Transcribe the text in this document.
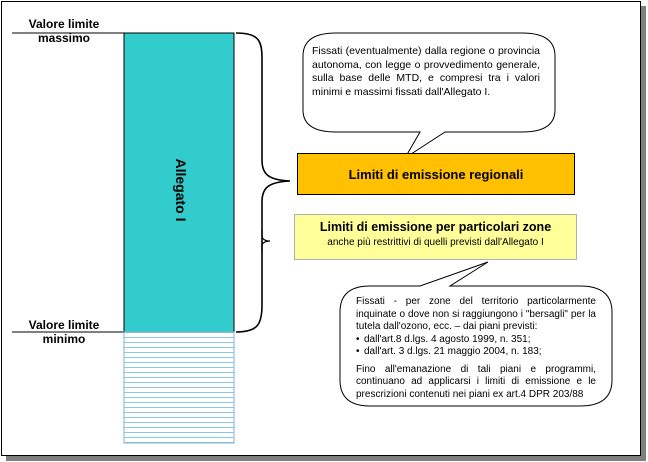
Valore limite massimo
Valore limite minimo
Allegato I	Limiti di emissione regionali
Limiti di emissione per particolari zone
anche più restrittivi di quelli previsti dall'Allegato I
Fissati (eventualmente) dalla regione o provincia autonoma, con legge o provvedimento generale, sulla base delle MTD, e compresi tra i valori minimi e massimi fissati dall'Allegato I.

Fissati - per zone del territorio particolarmente inquinate o dove non si raggiungono i "bersagli" per la tutela dall'ozono, ecc. – dai piani previsti:

• dall'art.8 d.lgs. 4 agosto 1999, n. 351;
• dall'art. 3 d.lgs. 21 maggio 2004, n. 183;

Fino all'emanazione di tali piani e programmi, continuano ad applicarsi i limiti di emissione e le prescrizioni contenuti nei piani ex art.4 DPR 203/88
